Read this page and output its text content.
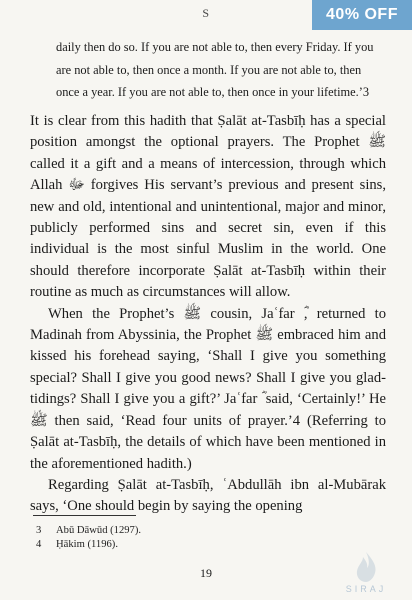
S	40% OFF

daily then do so. If you are not able to, then every Friday. If you

are not able to, then once a month. If you are not able to, then

once a year. If you are not able to, then once in your lifetime.’3

It is clear from this hadith that Ṣalāt at-Tasbīḥ has a special position amongst the optional prayers. The Prophet ﷺ called it a gift and a means of intercession, through which Allah ﷻ forgives His servant’s previous and present sins, new and old, intentional and unintentional, major and minor, publicly performed sins and secret sin, even if this individual is the most sinful Muslim in the world. One should therefore incorporate Ṣalāt at-Tasbīḥ within their routine as much as circumstances will allow.

When the Prophet’s ﷺ cousin, Jaʿfar ؓ, returned to Madinah from Abyssinia, the Prophet ﷺ embraced him and kissed his forehead saying, ‘Shall I give you something special? Shall I give you good news? Shall I give you glad-tidings? Shall I give you a gift?’ Jaʿfar ؓ said, ‘Certainly!’ He ﷺ then said, ‘Read four units of prayer.’4 (Referring to Ṣalāt at-Tasbīḥ, the details of which have been mentioned in the aforementioned hadith.)

Regarding Ṣalāt at-Tasbīḥ, ʿAbdullāh ibn al-Mubārak says, ‘One should begin by saying the opening

3	Abū Dāwūd (1297).
4	Ḥākim (1196).
19
SIRAJ
